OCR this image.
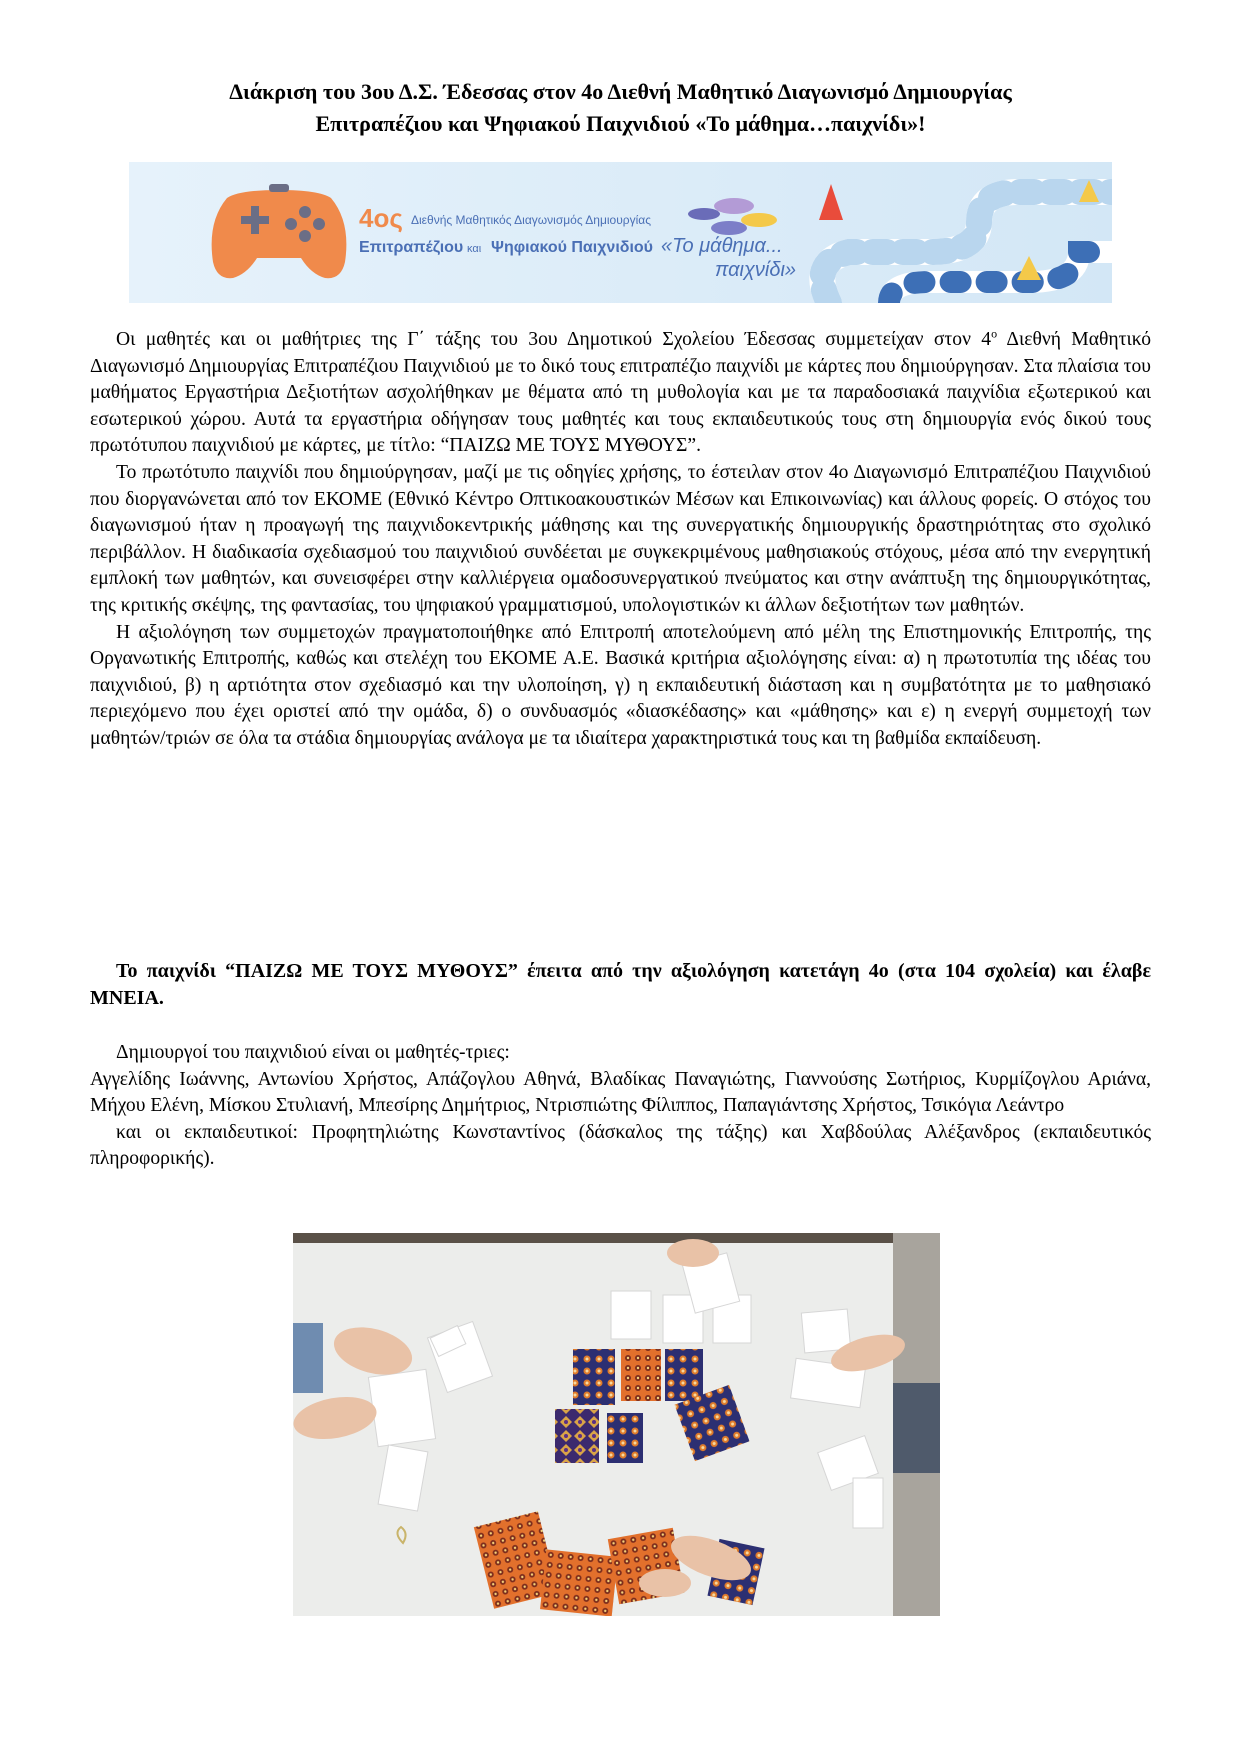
Διάκριση του 3ου Δ.Σ. Έδεσσας στον 4ο Διεθνή Μαθητικό Διαγωνισμό Δημιουργίας
Επιτραπέζιου και Ψηφιακού Παιχνιδιού «Το μάθημα…παιχνίδι»!
4ος Διεθνής Μαθητικός Διαγωνισμός Δημιουργίας
Επιτραπέζιου και Ψηφιακού Παιχνιδιού «Το μάθημα...
παιχνίδι»

Οι μαθητές και οι μαθήτριες της Γ΄ τάξης του 3ου Δημοτικού Σχολείου Έδεσσας συμμετείχαν στον $4^o$ Διεθνή Μαθητικό Διαγωνισμό Δημιουργίας Επιτραπέζιου Παιχνιδιού με το δικό τους επιτραπέζιο παιχνίδι με κάρτες που δημιούργησαν. Στα πλαίσια του μαθήματος Εργαστήρια Δεξιοτήτων ασχολήθηκαν με θέματα από τη μυθολογία και με τα παραδοσιακά παιχνίδια εξωτερικού και εσωτερικού χώρου. Αυτά τα εργαστήρια οδήγησαν τους μαθητές και τους εκπαιδευτικούς τους στη δημιουργία ενός δικού τους πρωτότυπου παιχνιδιού με κάρτες, με τίτλο: “ΠΑΙΖΩ ΜΕ ΤΟΥΣ ΜΥΘΟΥΣ”.

Το πρωτότυπο παιχνίδι που δημιούργησαν, μαζί με τις οδηγίες χρήσης, το έστειλαν στον 4ο Διαγωνισμό Επιτραπέζιου Παιχνιδιού που διοργανώνεται από τον ΕΚΟΜΕ (Εθνικό Κέντρο Οπτικοακουστικών Μέσων και Επικοινωνίας) και άλλους φορείς. Ο στόχος του διαγωνισμού ήταν η προαγωγή της παιχνιδοκεντρικής μάθησης και της συνεργατικής δημιουργικής δραστηριότητας στο σχολικό περιβάλλον. Η διαδικασία σχεδιασμού του παιχνιδιού συνδέεται με συγκεκριμένους μαθησιακούς στόχους, μέσα από την ενεργητική εμπλοκή των μαθητών, και συνεισφέρει στην καλλιέργεια ομαδοσυνεργατικού πνεύματος και στην ανάπτυξη της δημιουργικότητας, της κριτικής σκέψης, της φαντασίας, του ψηφιακού γραμματισμού, υπολογιστικών κι άλλων δεξιοτήτων των μαθητών.

Η αξιολόγηση των συμμετοχών πραγματοποιήθηκε από Επιτροπή αποτελούμενη από μέλη της Επιστημονικής Επιτροπής, της Οργανωτικής Επιτροπής, καθώς και στελέχη του ΕΚΟΜΕ Α.Ε. Βασικά κριτήρια αξιολόγησης είναι: α) η πρωτοτυπία της ιδέας του παιχνιδιού, β) η αρτιότητα στον σχεδιασμό και την υλοποίηση, γ) η εκπαιδευτική διάσταση και η συμβατότητα με το μαθησιακό περιεχόμενο που έχει οριστεί από την ομάδα, δ) ο συνδυασμός «διασκέδασης» και «μάθησης» και ε) η ενεργή συμμετοχή των μαθητών/τριών σε όλα τα στάδια δημιουργίας ανάλογα με τα ιδιαίτερα χαρακτηριστικά τους και τη βαθμίδα εκπαίδευση.

Το παιχνίδι “ΠΑΙΖΩ ΜΕ ΤΟΥΣ ΜΥΘΟΥΣ” έπειτα από την αξιολόγηση κατετάγη 4ο (στα 104 σχολεία) και έλαβε ΜΝΕΙΑ.

Δημιουργοί του παιχνιδιού είναι οι μαθητές-τριες:

Αγγελίδης Ιωάννης, Αντωνίου Χρήστος, Απάζογλου Αθηνά, Βλαδίκας Παναγιώτης, Γιαννούσης Σωτήριος, Κυρμίζογλου Αριάνα, Μήχου Ελένη, Μίσκου Στυλιανή, Μπεσίρης Δημήτριος, Ντρισπιώτης Φίλιππος, Παπαγιάντσης Χρήστος, Τσικόγια Λεάντρο

και οι εκπαιδευτικοί: Προφητηλιώτης Κωνσταντίνος (δάσκαλος της τάξης) και Χαβδούλας Αλέξανδρος (εκπαιδευτικός πληροφορικής).
